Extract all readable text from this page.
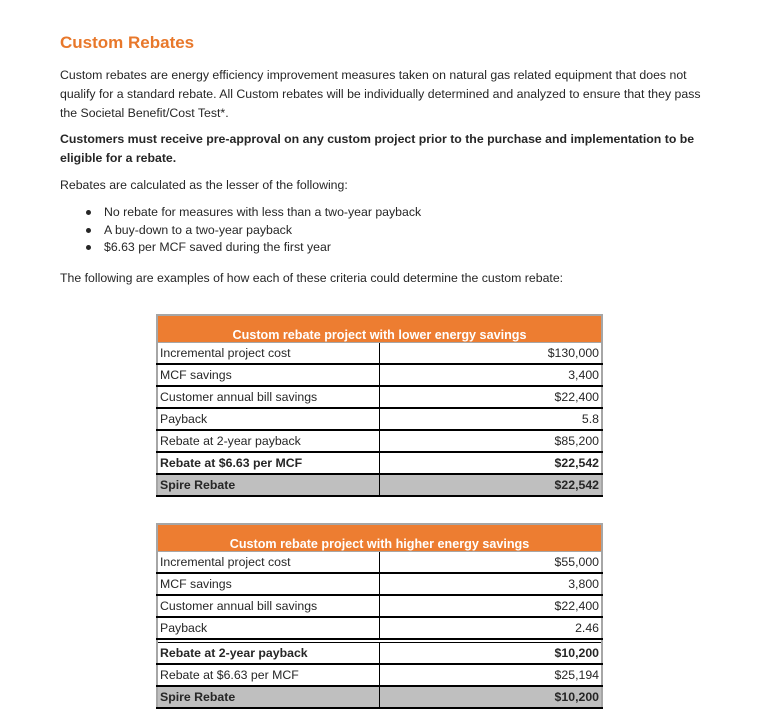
Custom Rebates

Custom rebates are energy efficiency improvement measures taken on natural gas related equipment that does not qualify for a standard rebate. All Custom rebates will be individually determined and analyzed to ensure that they pass the Societal Benefit/Cost Test*.

Customers must receive pre-approval on any custom project prior to the purchase and implementation to be eligible for a rebate.

Rebates are calculated as the lesser of the following:

No rebate for measures with less than a two-year payback
A buy-down to a two-year payback
$6.63 per MCF saved during the first year

The following are examples of how each of these criteria could determine the custom rebate:

Custom rebate project with lower energy savings	
Incremental project cost	$130,000
MCF savings	3,400
Customer annual bill savings	$22,400
Payback	5.8
Rebate at 2-year payback	$85,200
Rebate at $6.63 per MCF	$22,542
Spire Rebate	$22,542
Custom rebate project with higher energy savings	
Incremental project cost	$55,000
MCF savings	3,800
Customer annual bill savings	$22,400
Payback	2.46

Rebate at 2-year payback	$10,200
Rebate at $6.63 per MCF	$25,194
Spire Rebate	$10,200
